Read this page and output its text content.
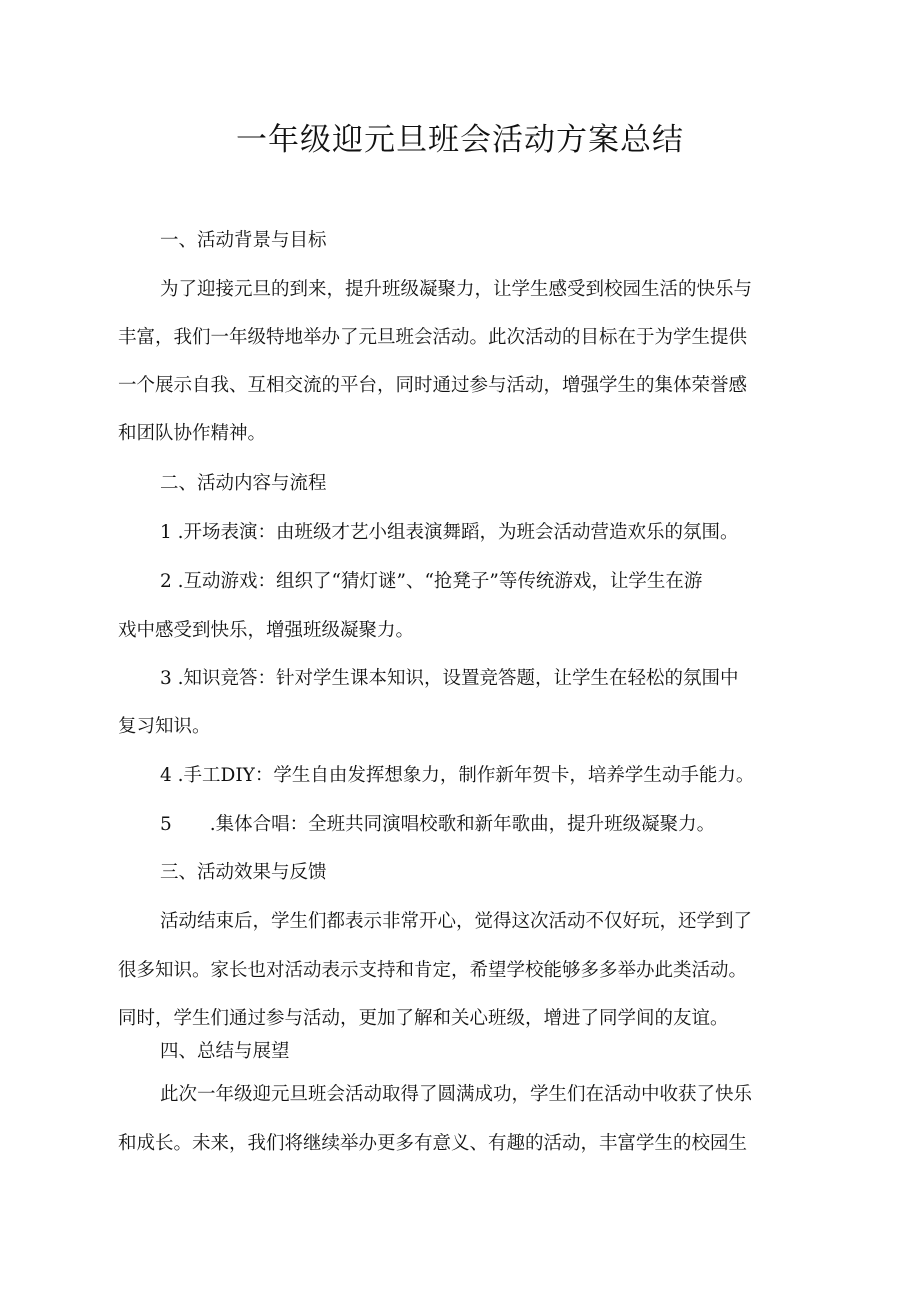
一年级迎元旦班会活动方案总结

一、活动背景与目标

为了迎接元旦的到来，提升班级凝聚力，让学生感受到校园生活的快乐与

丰富，我们一年级特地举办了元旦班会活动。此次活动的目标在于为学生提供

一个展示自我、互相交流的平台，同时通过参与活动，增强学生的集体荣誉感

和团队协作精神。

二、活动内容与流程

1 .开场表演：由班级才艺小组表演舞蹈，为班会活动营造欢乐的氛围。

2 .互动游戏：组织了“猜灯谜”、“抢凳子”等传统游戏，让学生在游

戏中感受到快乐，增强班级凝聚力。

3 .知识竞答：针对学生课本知识，设置竞答题，让学生在轻松的氛围中

复习知识。

4 .手工DIY：学生自由发挥想象力，制作新年贺卡，培养学生动手能力。

5 .集体合唱：全班共同演唱校歌和新年歌曲，提升班级凝聚力。

三、活动效果与反馈

活动结束后，学生们都表示非常开心，觉得这次活动不仅好玩，还学到了

很多知识。家长也对活动表示支持和肯定，希望学校能够多多举办此类活动。

同时，学生们通过参与活动，更加了解和关心班级，增进了同学间的友谊。

四、总结与展望

此次一年级迎元旦班会活动取得了圆满成功，学生们在活动中收获了快乐

和成长。未来，我们将继续举办更多有意义、有趣的活动，丰富学生的校园生
